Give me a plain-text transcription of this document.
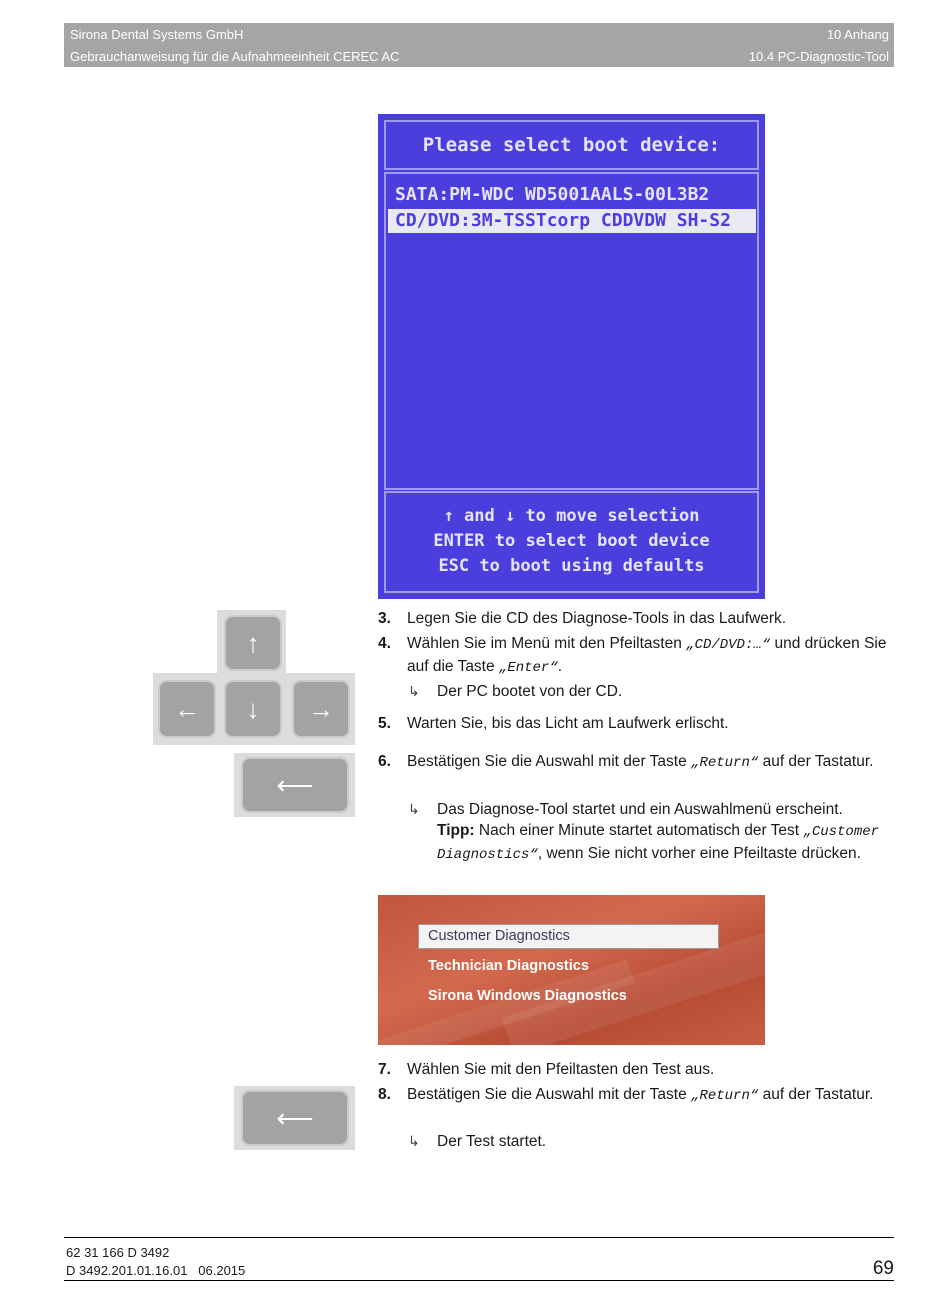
Sirona Dental Systems GmbH
Gebrauchanweisung für die Aufnahmeeinheit CEREC AC
10 Anhang
10.4 PC-Diagnostic-Tool
Please select boot device:
SATA:PM-WDC WD5001AALS-00L3B2
CD/DVD:3M-TSSTcorp CDDVDW SH-S2
↑ and ↓ to move selection
ENTER to select boot device
ESC to boot using defaults
↑
←	↓	→
⟵
3. Legen Sie die CD des Diagnose-Tools in das Laufwerk.
4. Wählen Sie im Menü mit den Pfeiltasten „CD/DVD:…“ und drücken Sie auf die Taste „Enter“.
↳ Der PC bootet von der CD.
5. Warten Sie, bis das Licht am Laufwerk erlischt.
6. Bestätigen Sie die Auswahl mit der Taste „Return“ auf der Tastatur.
↳ Das Diagnose-Tool startet und ein Auswahlmenü erscheint.
Tipp: Nach einer Minute startet automatisch der Test „Customer Diagnostics“, wenn Sie nicht vorher eine Pfeiltaste drücken.
Customer Diagnostics
Technician Diagnostics
Sirona Windows Diagnostics
⟵
7. Wählen Sie mit den Pfeiltasten den Test aus.
8. Bestätigen Sie die Auswahl mit der Taste „Return“ auf der Tastatur.
↳ Der Test startet.
62 31 166 D 3492
D 3492.201.01.16.01   06.2015	69
